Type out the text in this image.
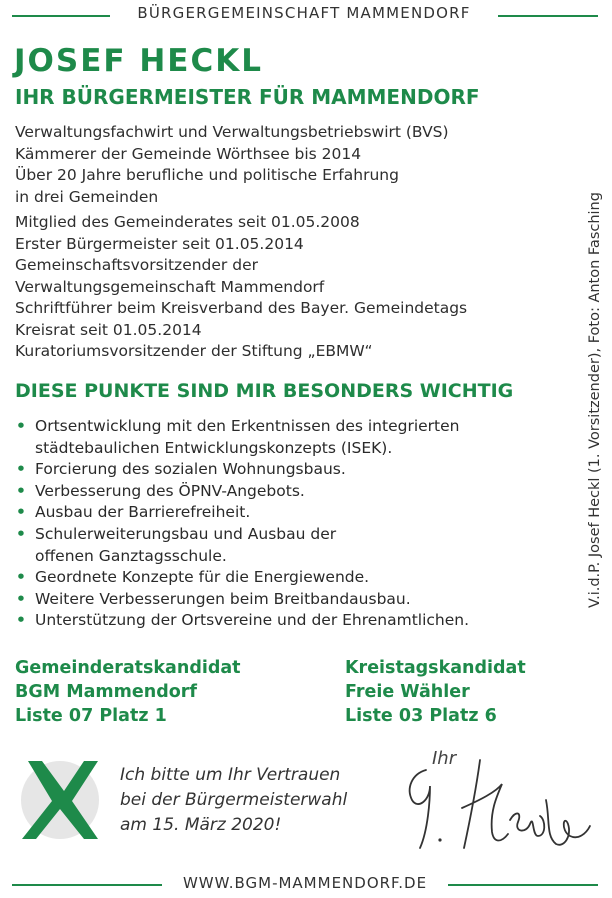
BÜRGERGEMEINSCHAFT MAMMENDORF
JOSEF HECKL
IHR BÜRGERMEISTER FÜR MAMMENDORF
Verwaltungsfachwirt und Verwaltungsbetriebswirt (BVS)
Kämmerer der Gemeinde Wörthsee bis 2014
Über 20 Jahre berufliche und politische Erfahrung
in drei Gemeinden
Mitglied des Gemeinderates seit 01.05.2008
Erster Bürgermeister seit 01.05.2014
Gemeinschaftsvorsitzender der
Verwaltungsgemeinschaft Mammendorf
Schriftführer beim Kreisverband des Bayer. Gemeindetags
Kreisrat seit 01.05.2014
Kuratoriumsvorsitzender der Stiftung „EBMW“
DIESE PUNKTE SIND MIR BESONDERS WICHTIG
• Ortsentwicklung mit den Erkentnissen des integrierten
städtebaulichen Entwicklungskonzepts (ISEK).
• Forcierung des sozialen Wohnungsbaus.
• Verbesserung des ÖPNV-Angebots.
• Ausbau der Barrierefreiheit.
• Schulerweiterungsbau und Ausbau der
offenen Ganztagsschule.
• Geordnete Konzepte für die Energiewende.
• Weitere Verbesserungen beim Breitbandausbau.
• Unterstützung der Ortsvereine und der Ehrenamtlichen.
Gemeinderatskandidat
BGM Mammendorf
Liste 07 Platz 1
Kreistagskandidat
Freie Wähler
Liste 03 Platz 6
Ich bitte um Ihr Vertrauen
bei der Bürgermeisterwahl
am 15. März 2020!
Ihr
WWW.BGM-MAMMENDORF.DE
V.i.d.P. Josef Heckl (1. Vorsitzender), Foto: Anton Fasching
